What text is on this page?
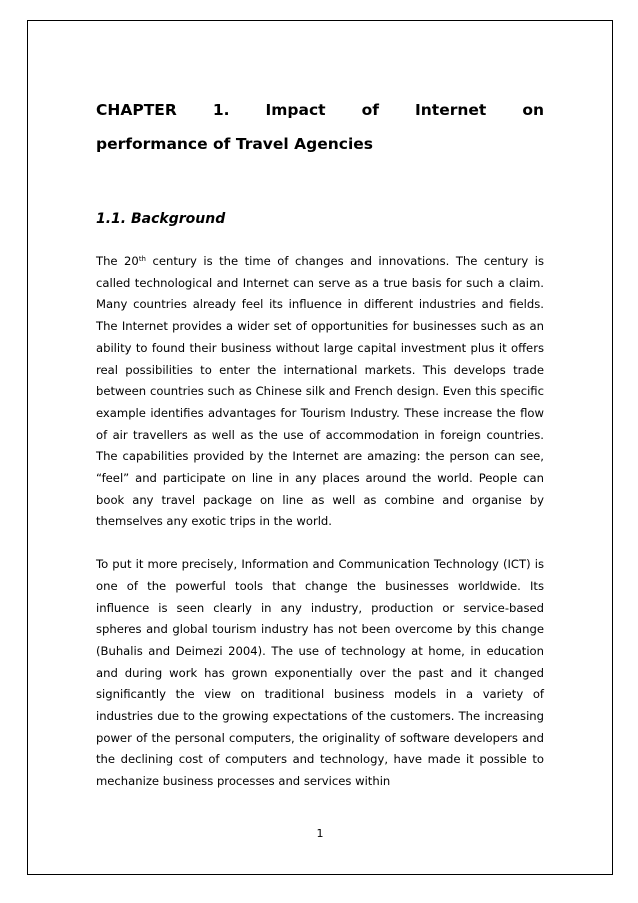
CHAPTER 1. Impact of Internet on
performance of Travel Agencies
1.1. Background

The 20th century is the time of changes and innovations. The century is called technological and Internet can serve as a true basis for such a claim. Many countries already feel its influence in different industries and fields. The Internet provides a wider set of opportunities for businesses such as an ability to found their business without large capital investment plus it offers real possibilities to enter the international markets. This develops trade between countries such as Chinese silk and French design. Even this specific example identifies advantages for Tourism Industry. These increase the flow of air travellers as well as the use of accommodation in foreign countries. The capabilities provided by the Internet are amazing: the person can see, “feel” and participate on line in any places around the world. People can book any travel package on line as well as combine and organise by themselves any exotic trips in the world.

To put it more precisely, Information and Communication Technology (ICT) is one of the powerful tools that change the businesses worldwide. Its influence is seen clearly in any industry, production or service-based spheres and global tourism industry has not been overcome by this change (Buhalis and Deimezi 2004). The use of technology at home, in education and during work has grown exponentially over the past and it changed significantly the view on traditional business models in a variety of industries due to the growing expectations of the customers. The increasing power of the personal computers, the originality of software developers and the declining cost of computers and technology, have made it possible to mechanize business processes and services within

1
